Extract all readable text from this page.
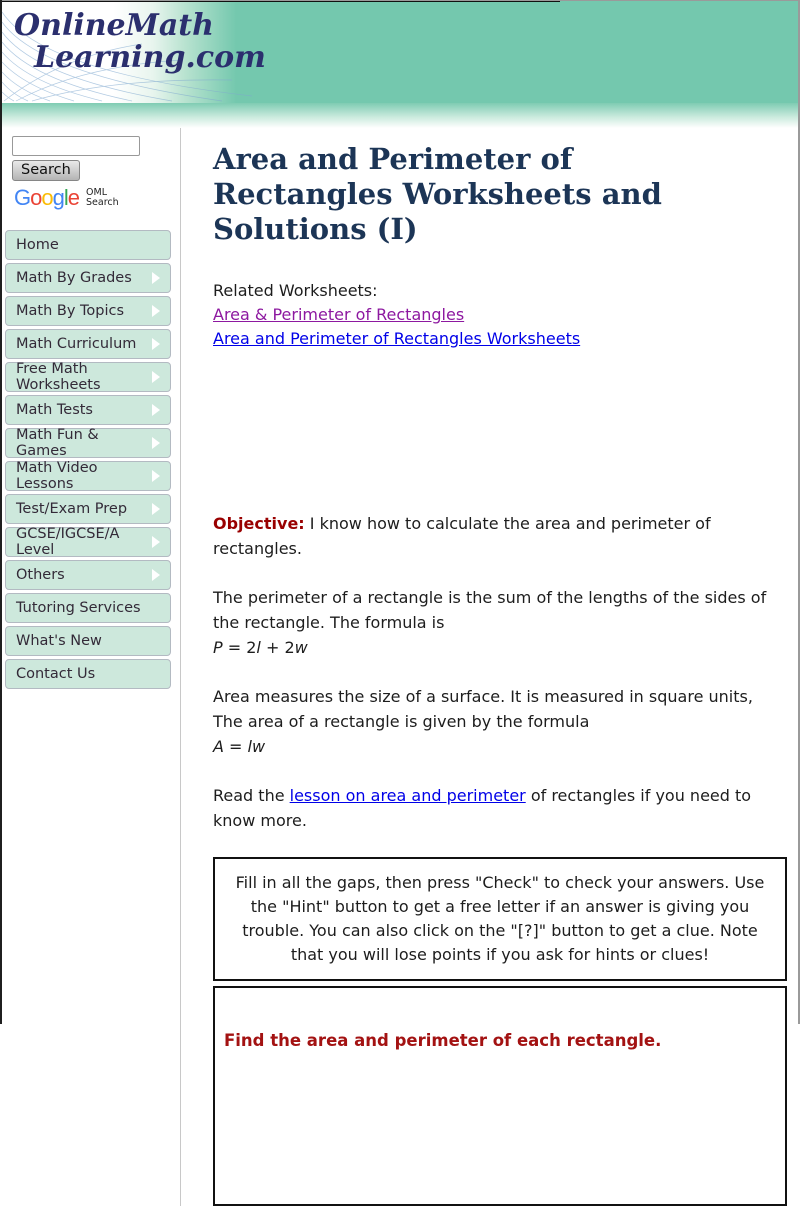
OnlineMath
Learning.com
Search
Google OML
Search
Home
Math By Grades
Math By Topics
Math Curriculum
Free Math Worksheets
Math Tests
Math Fun & Games
Math Video Lessons
Test/Exam Prep
GCSE/IGCSE/A Level
Others
Tutoring Services
What's New
Contact Us
Area and Perimeter of
Rectangles Worksheets and
Solutions (I)
Related Worksheets:
Area & Perimeter of Rectangles
Area and Perimeter of Rectangles Worksheets

Objective: I know how to calculate the area and perimeter of rectangles.

The perimeter of a rectangle is the sum of the lengths of the sides of the rectangle. The formula is
P = 2l + 2w
Area measures the size of a surface. It is measured in square units, The area of a rectangle is given by the formula
A = lw

Read the lesson on area and perimeter of rectangles if you need to know more.

Fill in all the gaps, then press "Check" to check your answers. Use the "Hint" button to get a free letter if an answer is giving you trouble. You can also click on the "[?]" button to get a clue. Note that you will lose points if you ask for hints or clues!
Find the area and perimeter of each rectangle.
